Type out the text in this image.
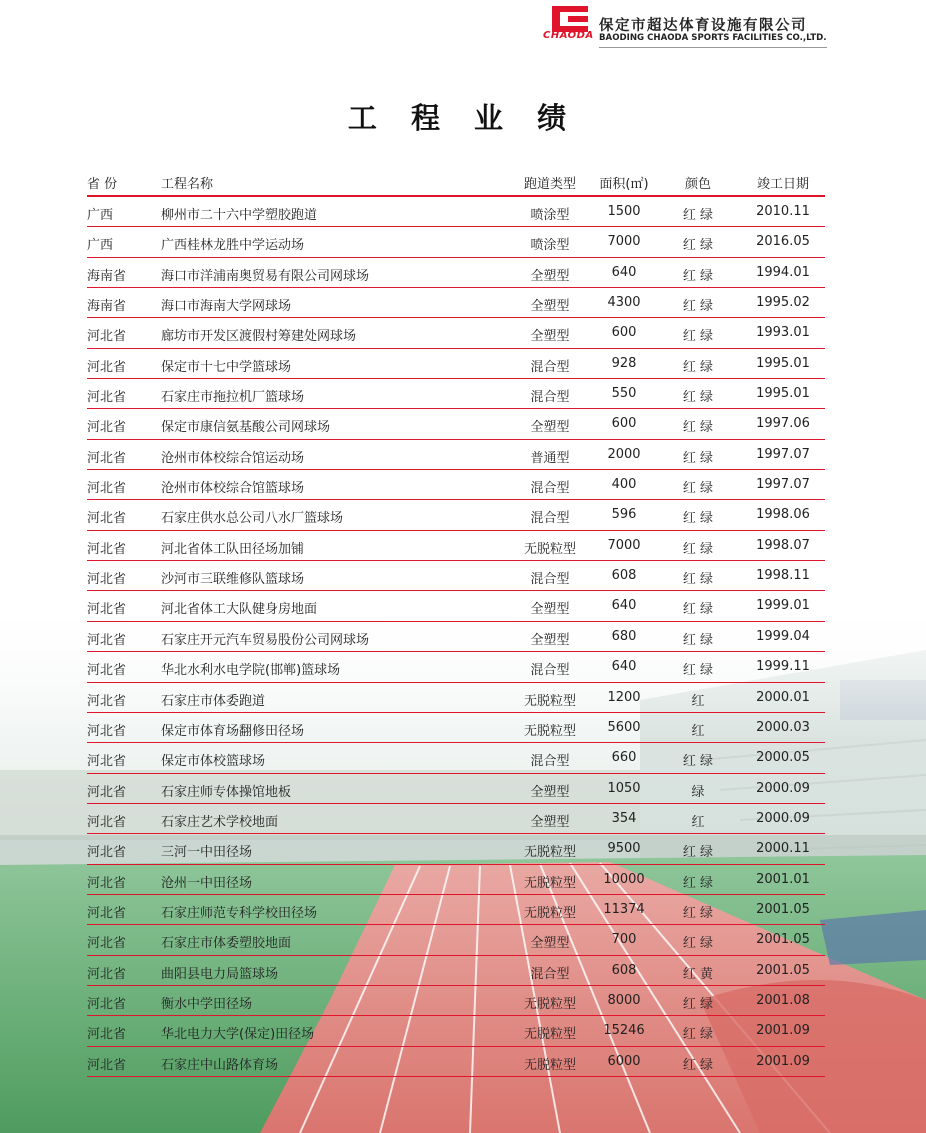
CHAODA
保定市超达体育设施有限公司
BAODING CHAODA SPORTS FACILITIES CO.,LTD.
工 程 业 绩
省 份	工程名称	跑道类型	面积(㎡)	颜色	竣工日期
广西	柳州市二十六中学塑胶跑道	喷涂型	1500	红 绿	2010.11
广西	广西桂林龙胜中学运动场	喷涂型	7000	红 绿	2016.05
海南省	海口市洋浦南奥贸易有限公司网球场	全塑型	640	红 绿	1994.01
海南省	海口市海南大学网球场	全塑型	4300	红 绿	1995.02
河北省	廊坊市开发区渡假村筹建处网球场	全塑型	600	红 绿	1993.01
河北省	保定市十七中学篮球场	混合型	928	红 绿	1995.01
河北省	石家庄市拖拉机厂篮球场	混合型	550	红 绿	1995.01
河北省	保定市康信氨基酸公司网球场	全塑型	600	红 绿	1997.06
河北省	沧州市体校综合馆运动场	普通型	2000	红 绿	1997.07
河北省	沧州市体校综合馆篮球场	混合型	400	红 绿	1997.07
河北省	石家庄供水总公司八水厂篮球场	混合型	596	红 绿	1998.06
河北省	河北省体工队田径场加铺	无脱粒型	7000	红 绿	1998.07
河北省	沙河市三联维修队篮球场	混合型	608	红 绿	1998.11
河北省	河北省体工大队健身房地面	全塑型	640	红 绿	1999.01
河北省	石家庄开元汽车贸易股份公司网球场	全塑型	680	红 绿	1999.04
河北省	华北水利水电学院(邯郸)篮球场	混合型	640	红 绿	1999.11
河北省	石家庄市体委跑道	无脱粒型	1200	红	2000.01
河北省	保定市体育场翻修田径场	无脱粒型	5600	红	2000.03
河北省	保定市体校篮球场	混合型	660	红 绿	2000.05
河北省	石家庄师专体操馆地板	全塑型	1050	绿	2000.09
河北省	石家庄艺术学校地面	全塑型	354	红	2000.09
河北省	三河一中田径场	无脱粒型	9500	红 绿	2000.11
河北省	沧州一中田径场	无脱粒型	10000	红 绿	2001.01
河北省	石家庄师范专科学校田径场	无脱粒型	11374	红 绿	2001.05
河北省	石家庄市体委塑胶地面	全塑型	700	红 绿	2001.05
河北省	曲阳县电力局篮球场	混合型	608	红 黄	2001.05
河北省	衡水中学田径场	无脱粒型	8000	红 绿	2001.08
河北省	华北电力大学(保定)田径场	无脱粒型	15246	红 绿	2001.09
河北省	石家庄中山路体育场	无脱粒型	6000	红 绿	2001.09
